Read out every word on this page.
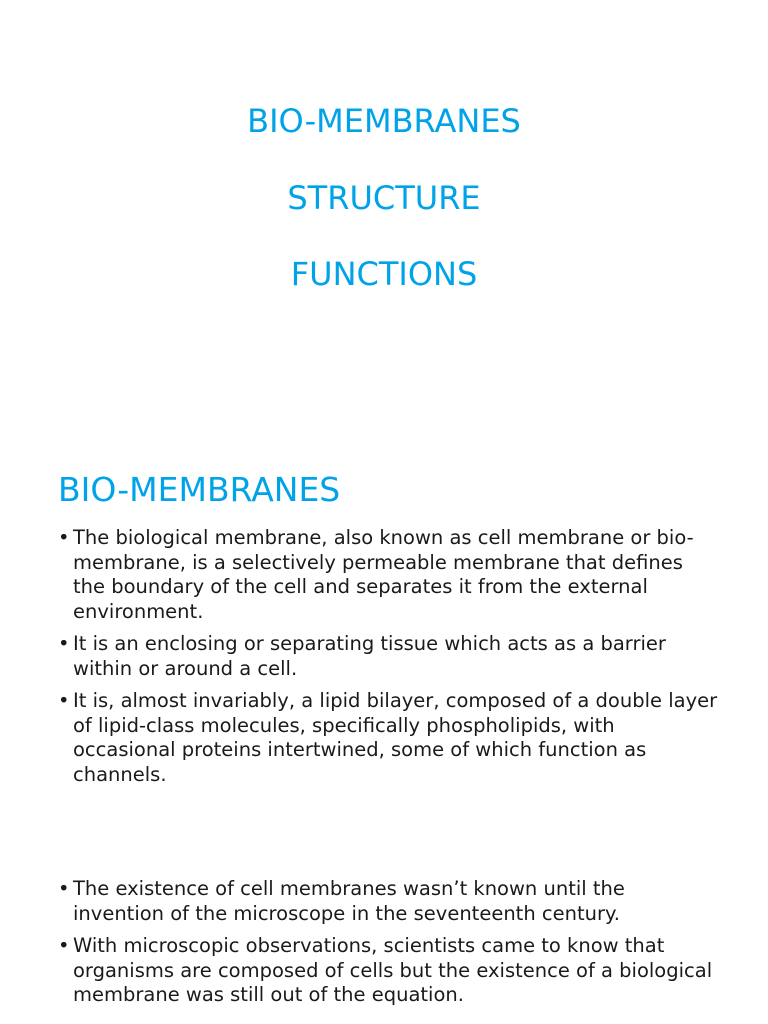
BIO-MEMBRANES
STRUCTURE
FUNCTIONS
BIO-MEMBRANES
• The biological membrane, also known as cell membrane or bio-membrane, is a selectively permeable membrane that defines the boundary of the cell and separates it from the external environment.
• It is an enclosing or separating tissue which acts as a barrier within or around a cell.
• It is, almost invariably, a lipid bilayer, composed of a double layer of lipid-class molecules, specifically phospholipids, with occasional proteins intertwined, some of which function as channels.
• The existence of cell membranes wasn’t known until the invention of the microscope in the seventeenth century.
• With microscopic observations, scientists came to know that organisms are composed of cells but the existence of a biological membrane was still out of the equation.
